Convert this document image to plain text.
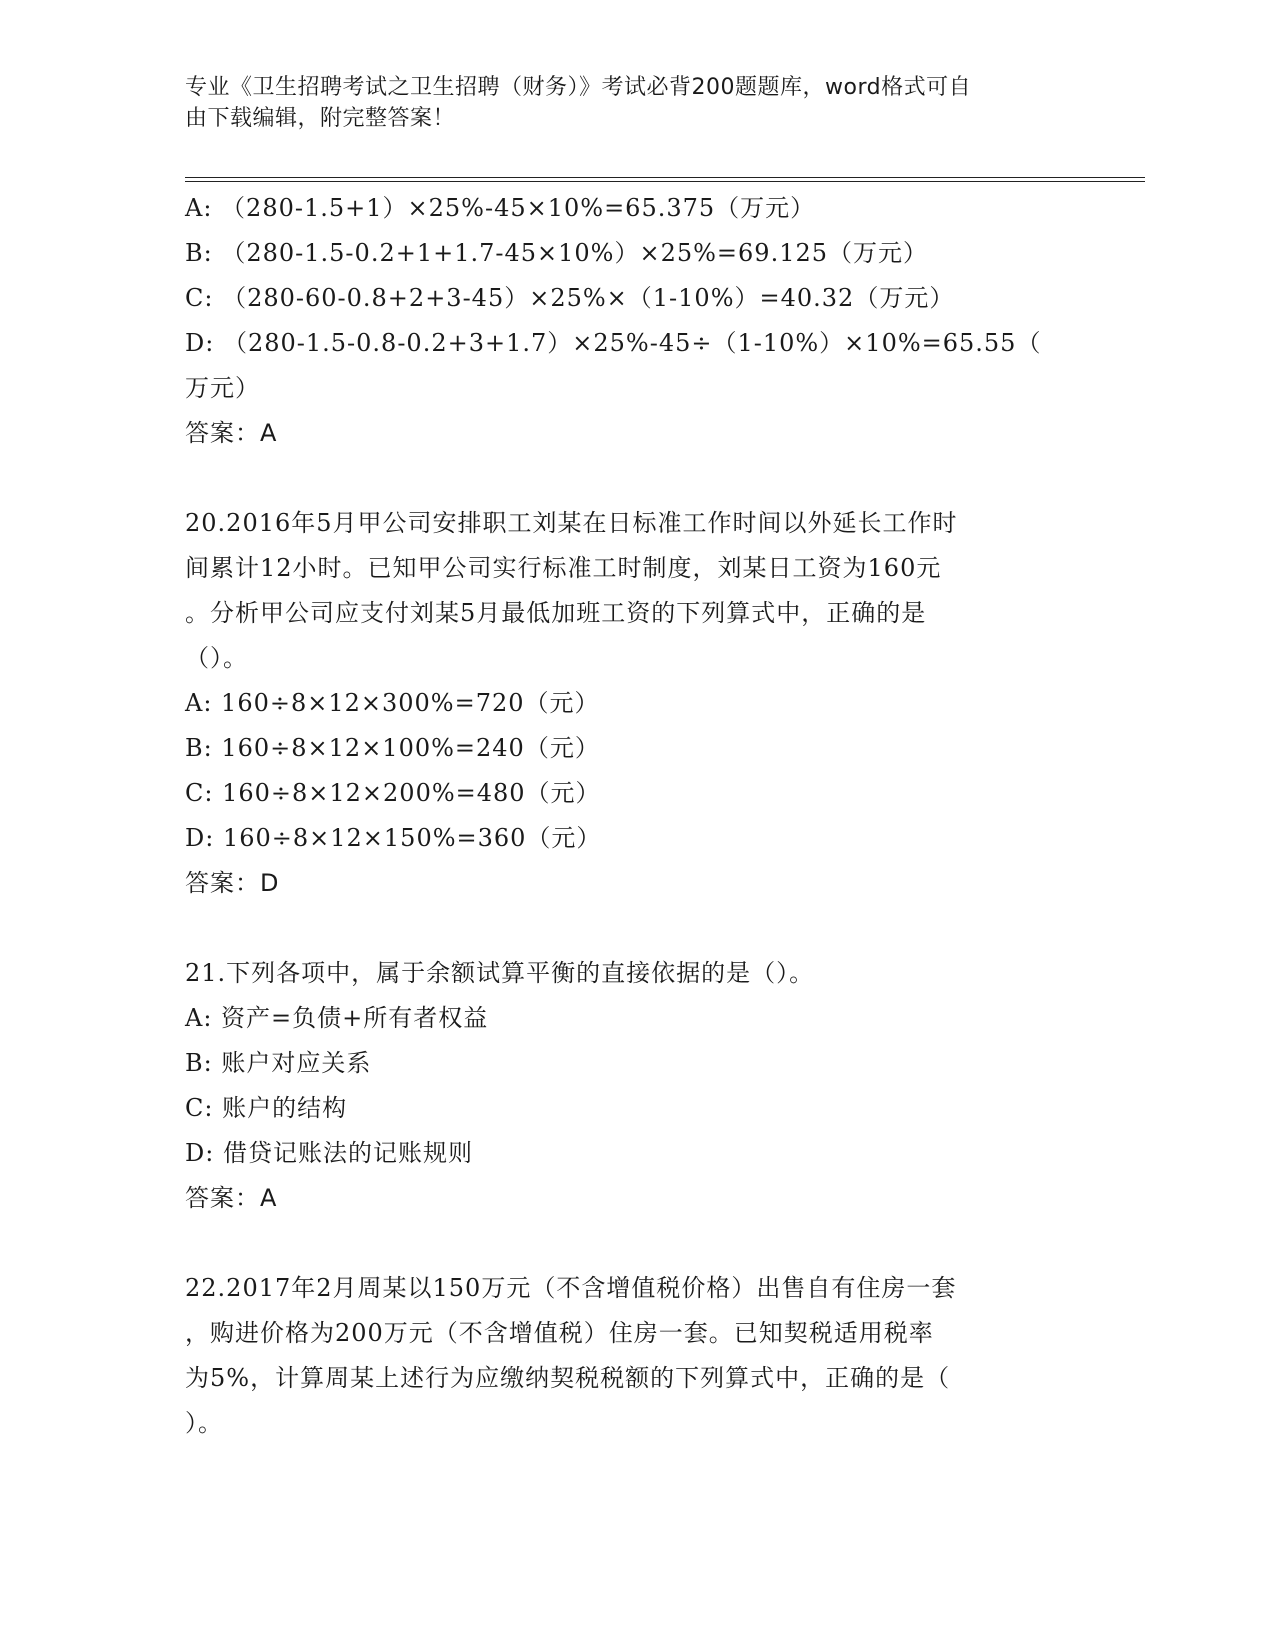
专业《卫生招聘考试之卫生招聘（财务）》考试必背200题题库，word格式可自
由下载编辑，附完整答案！
A: （280-1.5+1）×25%-45×10%=65.375（万元）
B: （280-1.5-0.2+1+1.7-45×10%）×25%=69.125（万元）
C: （280-60-0.8+2+3-45）×25%×（1-10%）=40.32（万元）
D: （280-1.5-0.8-0.2+3+1.7）×25%-45÷（1-10%）×10%=65.55（
万元）
答案：A
20.2016年5月甲公司安排职工刘某在日标准工作时间以外延长工作时
间累计12小时。已知甲公司实行标准工时制度，刘某日工资为160元
。分析甲公司应支付刘某5月最低加班工资的下列算式中，正确的是
（）。
A: 160÷8×12×300%=720（元）
B: 160÷8×12×100%=240（元）
C: 160÷8×12×200%=480（元）
D: 160÷8×12×150%=360（元）
答案：D
21.下列各项中，属于余额试算平衡的直接依据的是（）。
A: 资产=负债+所有者权益
B: 账户对应关系
C: 账户的结构
D: 借贷记账法的记账规则
答案：A
22.2017年2月周某以150万元（不含增值税价格）出售自有住房一套
，购进价格为200万元（不含增值税）住房一套。已知契税适用税率
为5%，计算周某上述行为应缴纳契税税额的下列算式中，正确的是（
）。
